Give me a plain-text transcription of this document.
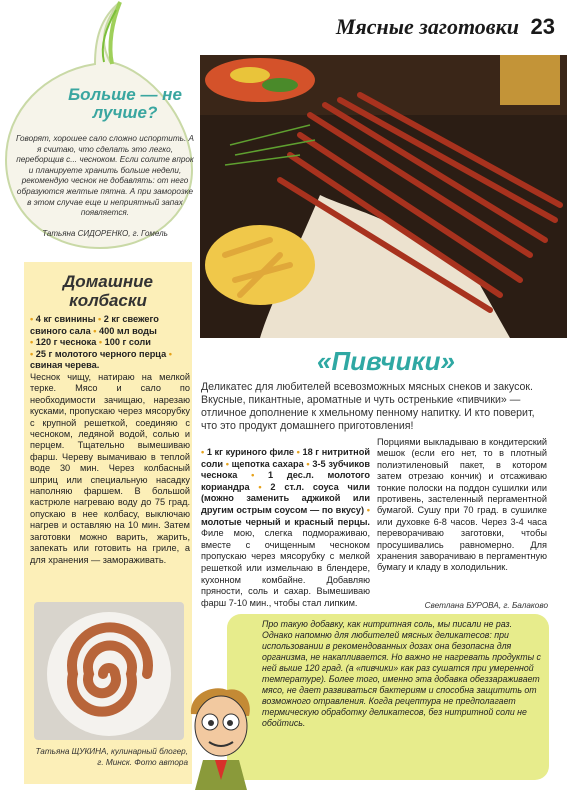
Мясные заготовки 23
Больше — не лучше?
Говорят, хорошее сало сложно испортить. А я считаю, что сделать это легко, переборщив с... чесноком. Если солите впрок и планируете хранить больше недели, рекомендую чеснок не добавлять: от него образуются желтые пятна. А при заморозке в этом случае еще и неприятный запах появляется.
Татьяна СИДОРЕНКО, г. Гомель
Домашние колбаски
• 4 кг свинины • 2 кг свежего свиного сала • 400 мл воды
• 120 г чеснока • 100 г соли
• 25 г молотого черного перца • свиная черева.
Чеснок чищу, натираю на мелкой терке. Мясо и сало по необходимости зачищаю, нарезаю кусками, пропускаю через мясорубку с крупной решеткой, соединяю с чесноком, ледяной водой, солью и перцем. Тщательно вымешиваю фарш. Черевy вымачиваю в теплой воде 30 мин. Через колбасный шприц или специальную насадку наполняю фаршем. В большой кастрюле нагреваю воду до 75 град. опускаю в нее колбасу, выключаю нагрев и оставляю на 10 мин. Затем заготовки можно варить, жарить, запекать или готовить на гриле, а для хранения — замораживать.
Татьяна ЩУКИНА, кулинарный блогер, г. Минск. Фото автора
«Пивчики»
Деликатес для любителей всевозможных мясных снеков и закусок. Вкусные, пикантные, ароматные и чуть остренькие «пивчики» — отличное дополнение к хмельному пенному напитку. И кто поверит, что это продукт домашнего приготовления!
• 1 кг куриного филе • 18 г нитритной соли • щепотка сахара • 3-5 зубчиков чеснока • 1 дес.л. молотого кориандра • 2 ст.л. соуса чили (можно заменить аджикой или другим острым соусом — по вкусу) • молотые черный и красный перцы. Филе мою, слегка подмораживаю, вместе с очищенным чесноком пропускаю через мясорубку с мелкой решеткой или измельчаю в блендере, кухонном комбайне. Добавляю пряности, соль и сахар. Вымешиваю фарш 7-10 мин., чтобы стал липким.
Порциями выкладываю в кондитерский мешок (если его нет, то в плотный полиэтиленовый пакет, в котором затем отрезаю кончик) и отсаживаю тонкие полоски на поддон сушилки или противень, застеленный пергаментной бумагой. Сушу при 70 град. в сушилке или духовке 6-8 часов. Через 3-4 часа переворачиваю заготовки, чтобы просушивались равномерно. Для хранения заворачиваю в пергаментную бумагу и кладу в холодильник.
Светлана БУРОВА, г. Балаково
Про такую добавку, как нитритная соль, мы писали не раз. Однако напомню для любителей мясных деликатесов: при использовании в рекомендованных дозах она безопасна для организма, не накапливается. Но важно не нагревать продукты с ней выше 120 град. (а «пивчики» как раз сушатся при умеренной температуре). Более того, именно эта добавка обеззараживает мясо, не дает развиваться бактериям и способна защитить от возможного отравления. Когда рецептура не предполагает термическую обработку деликатесов, без нитритной соли не обойтись.
PassionForum.ru
